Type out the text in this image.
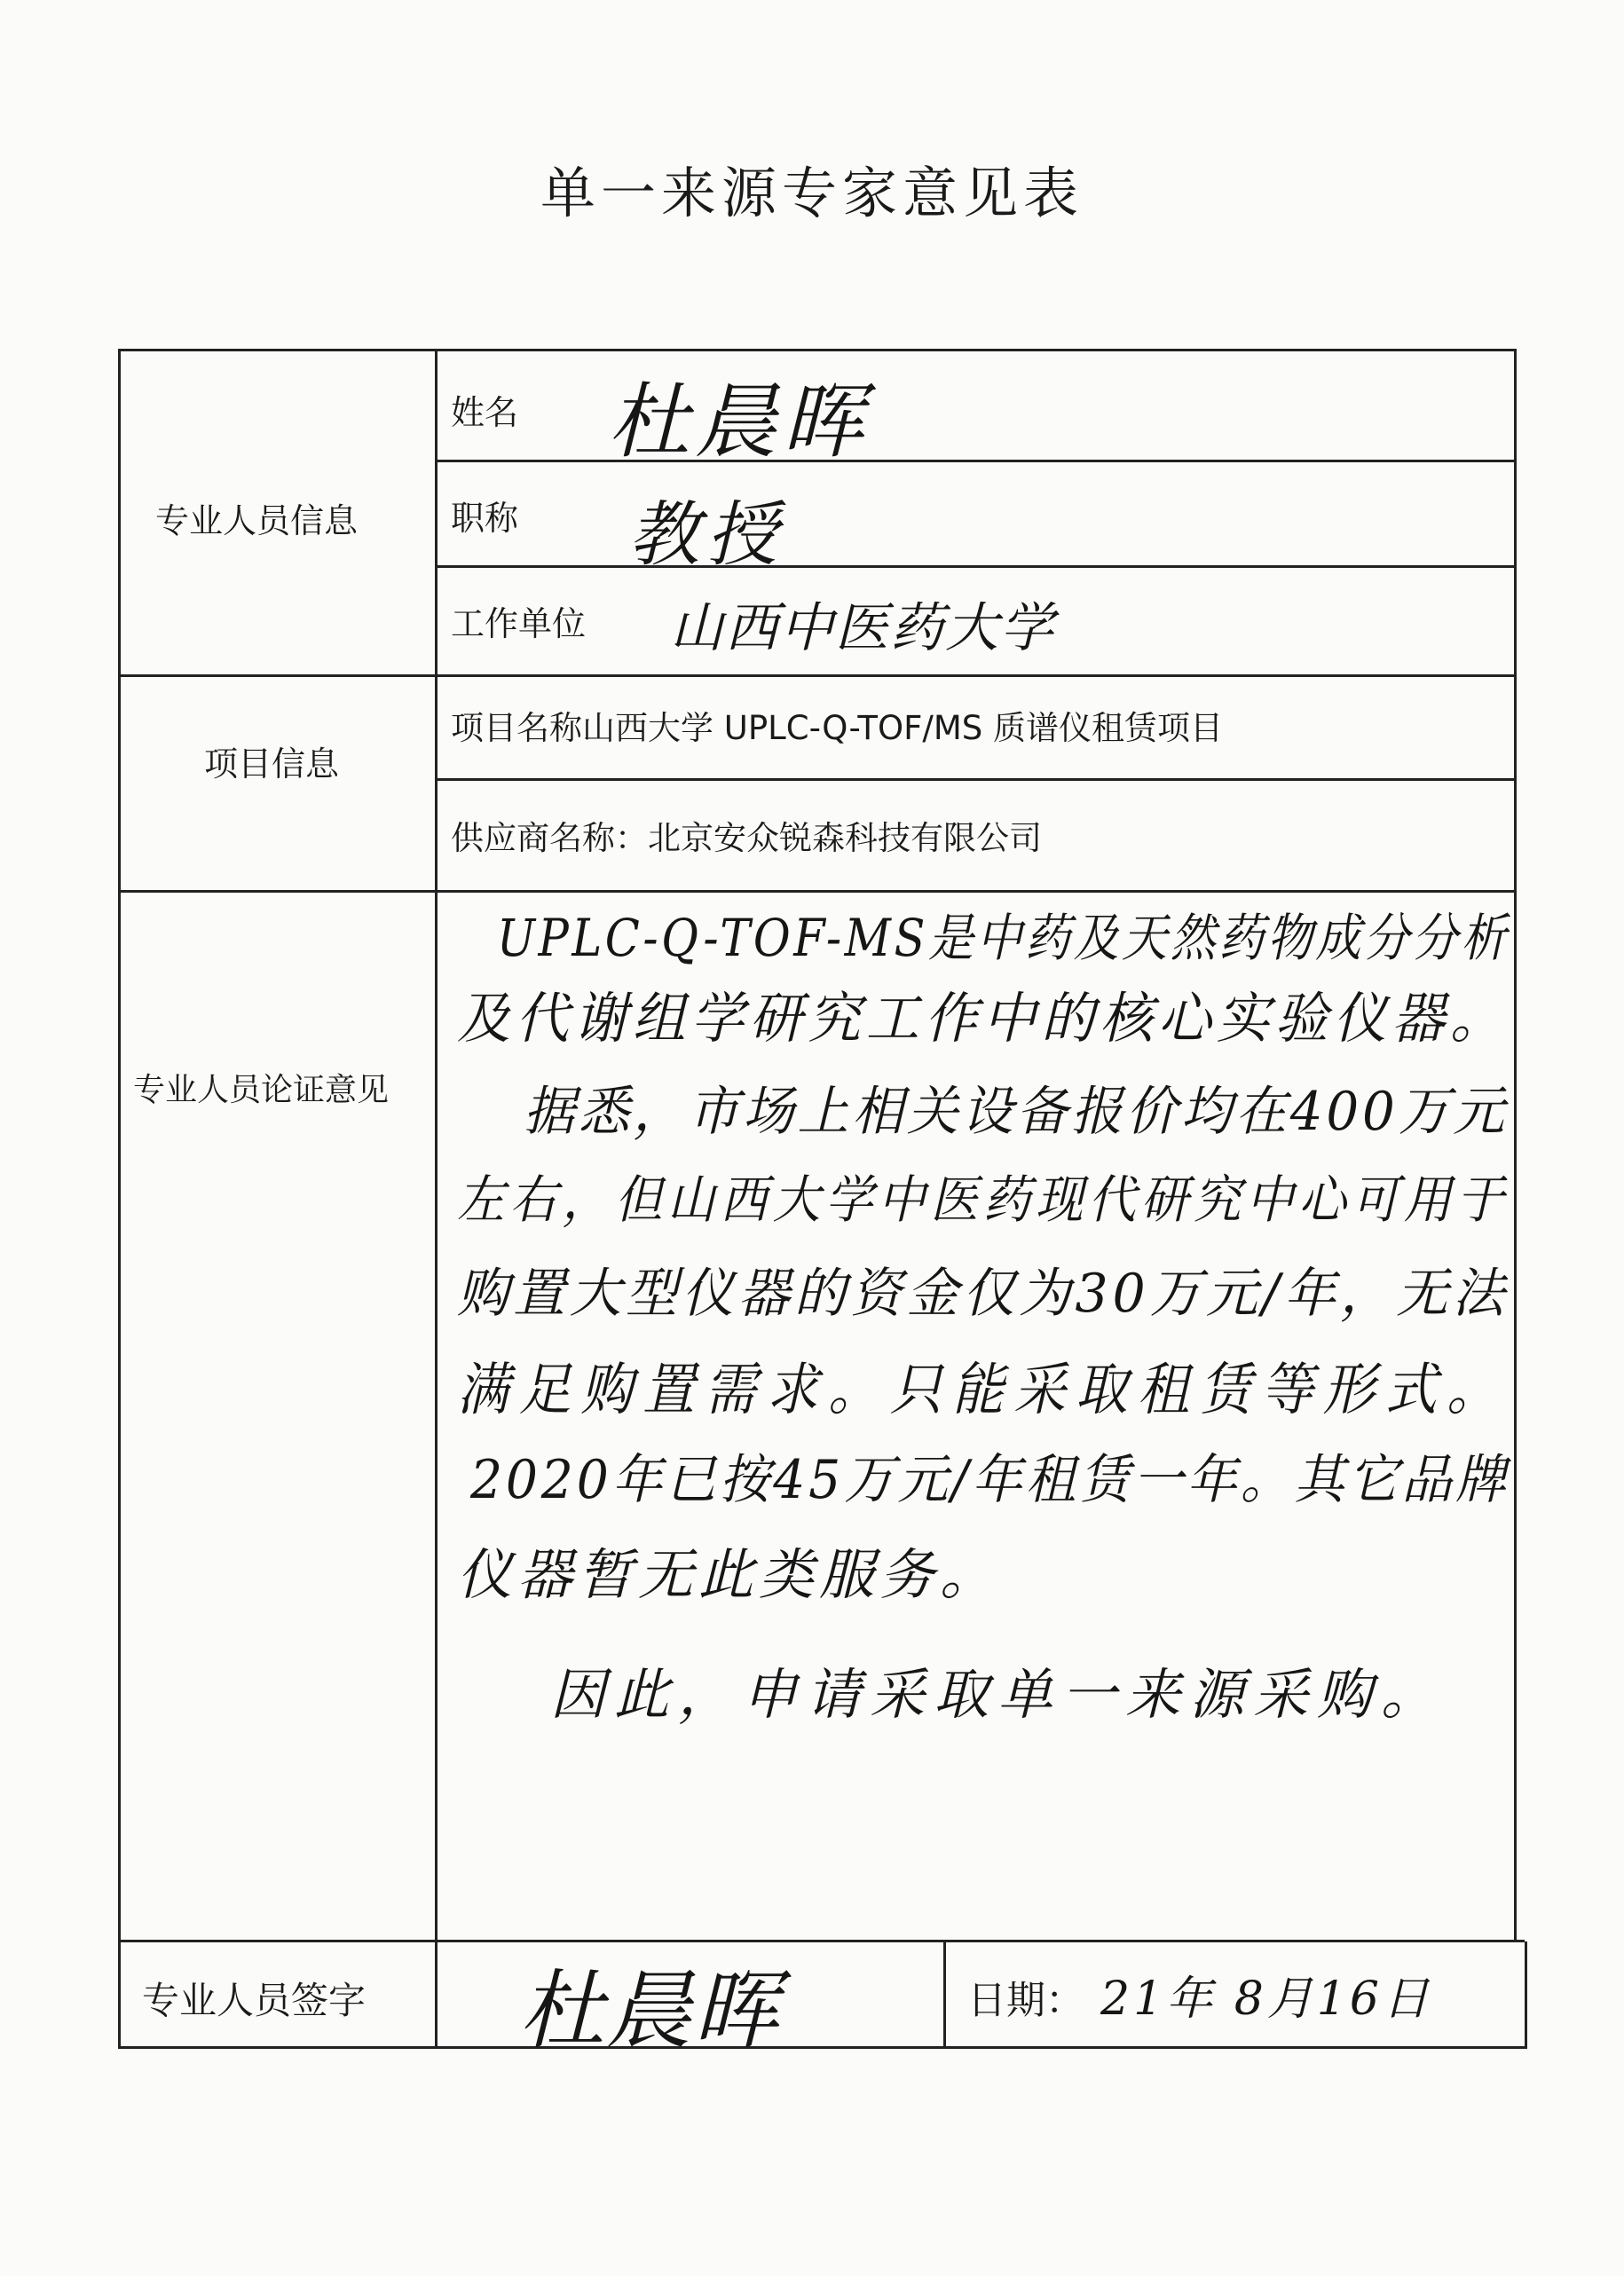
单一来源专家意见表
专业人员信息
姓名 杜晨晖
职称 教授
工作单位 山西中医药大学
项目信息
项目名称山西大学 UPLC-Q-TOF/MS 质谱仪租赁项目
供应商名称：北京安众锐森科技有限公司
专业人员论证意见
UPLC-Q-TOF-MS是中药及天然药物成分分析
及代谢组学研究工作中的核心实验仪器。
据悉，市场上相关设备报价均在400万元
左右，但山西大学中医药现代研究中心可用于
购置大型仪器的资金仅为30万元/年，无法
满足购置需求。只能采取租赁等形式。
2020年已按45万元/年租赁一年。其它品牌
仪器暂无此类服务。
因此，申请采取单一来源采购。
专业人员签字 杜晨晖	日期： 21年 8月16日
